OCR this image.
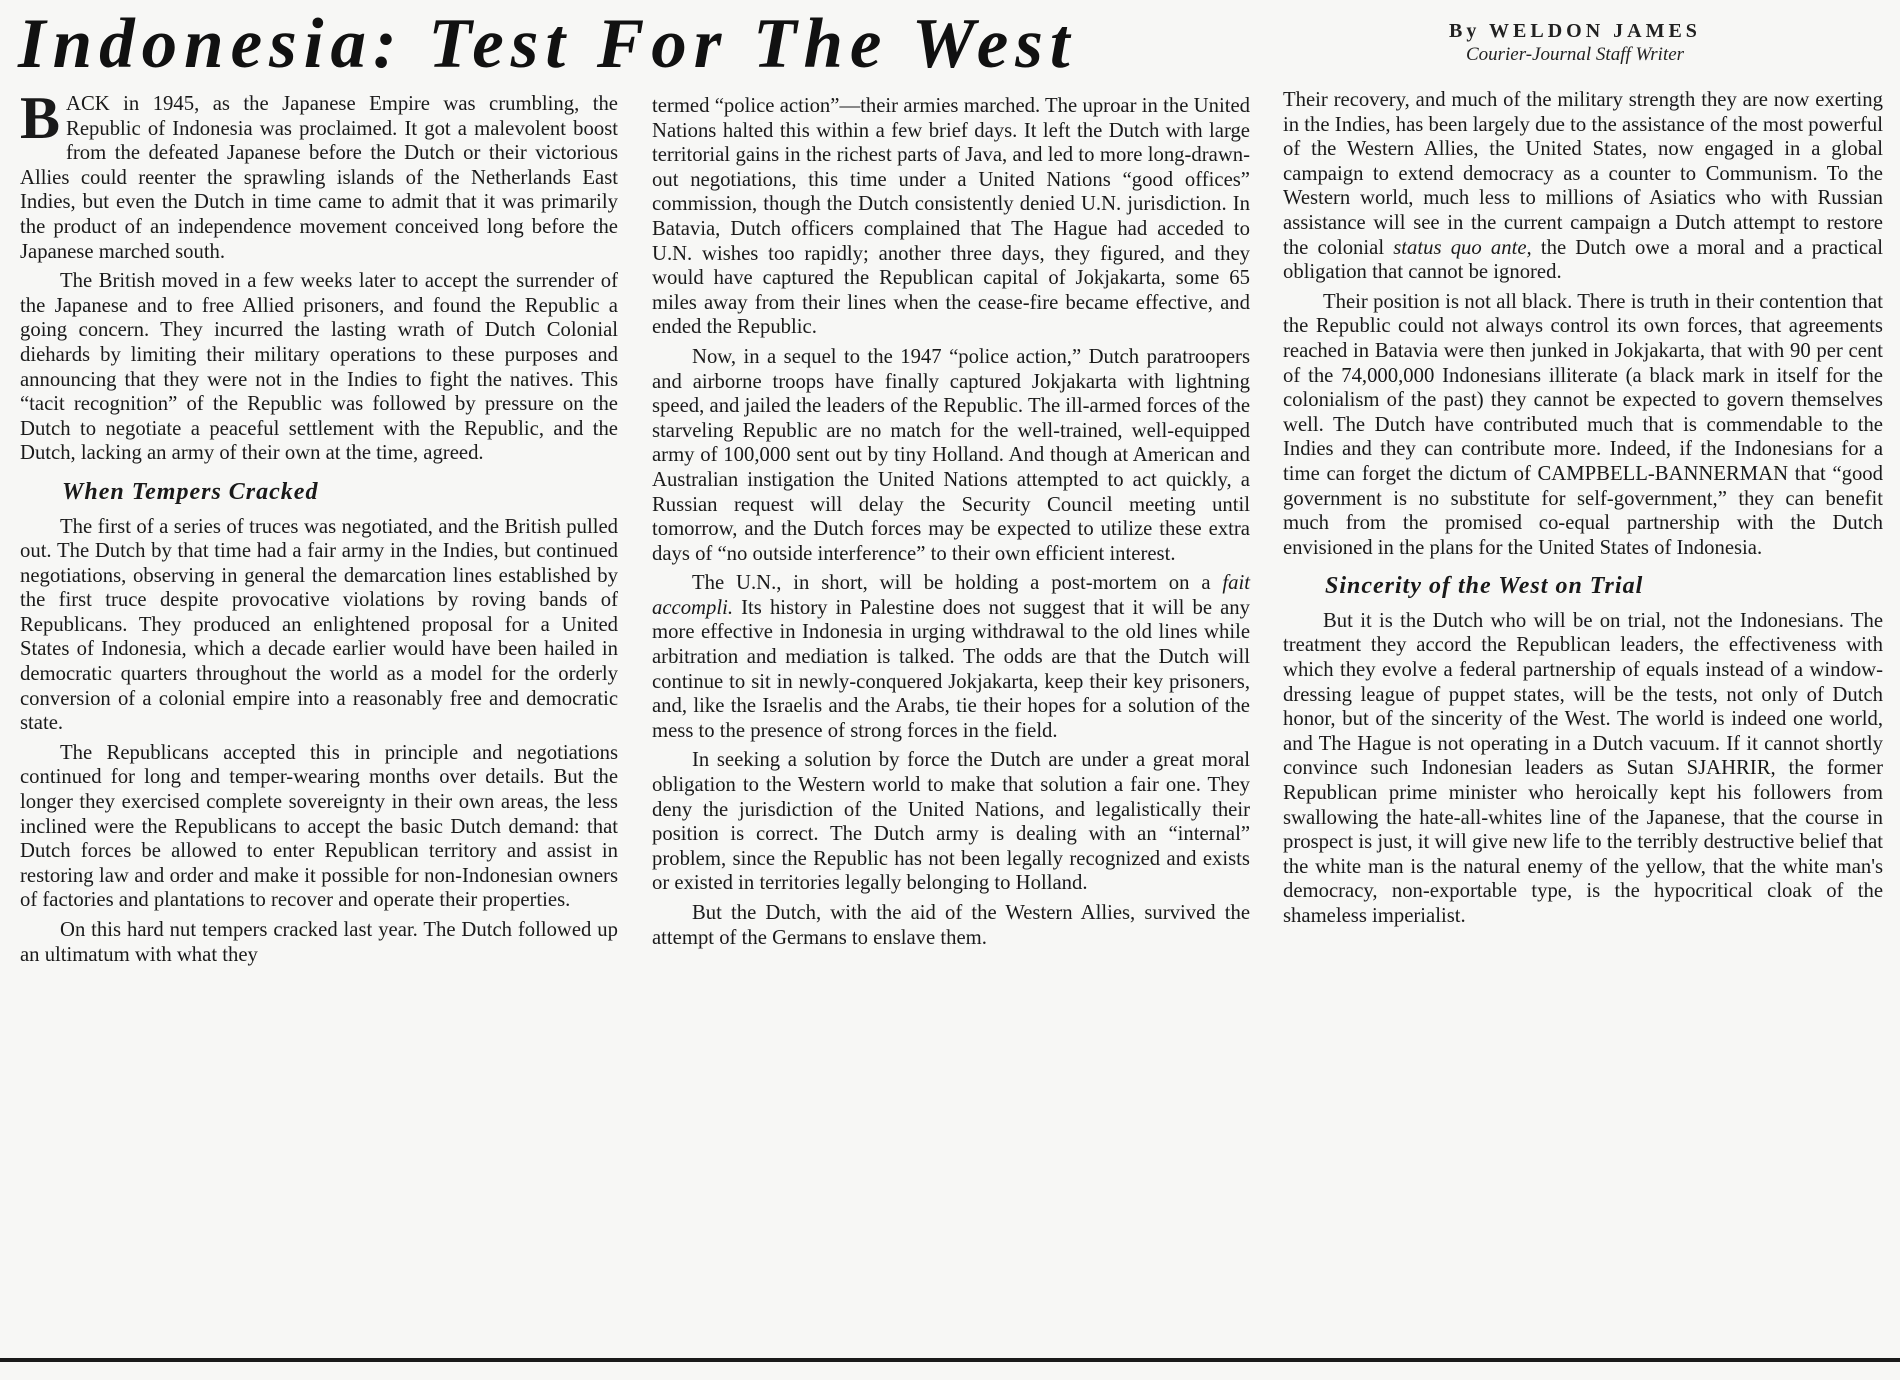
Indonesia: Test For The West	By WELDON JAMES
Courier-Journal Staff Writer

BACK in 1945, as the Japanese Empire was crumbling, the Republic of Indonesia was proclaimed. It got a malevolent boost from the defeated Japanese before the Dutch or their victorious Allies could reenter the sprawling islands of the Netherlands East Indies, but even the Dutch in time came to admit that it was primarily the product of an independence movement conceived long before the Japanese marched south.

The British moved in a few weeks later to accept the surrender of the Japanese and to free Allied prisoners, and found the Republic a going concern. They incurred the lasting wrath of Dutch Colonial diehards by limiting their military operations to these purposes and announcing that they were not in the Indies to fight the natives. This “tacit recognition” of the Republic was followed by pressure on the Dutch to negotiate a peaceful settlement with the Republic, and the Dutch, lacking an army of their own at the time, agreed.

When Tempers Cracked

The first of a series of truces was negotiated, and the British pulled out. The Dutch by that time had a fair army in the Indies, but continued negotiations, observing in general the demarcation lines established by the first truce despite provocative violations by roving bands of Republicans. They produced an enlightened proposal for a United States of Indonesia, which a decade earlier would have been hailed in democratic quarters throughout the world as a model for the orderly conversion of a colonial empire into a reasonably free and democratic state.

The Republicans accepted this in principle and negotiations continued for long and temper-wearing months over details. But the longer they exercised complete sovereignty in their own areas, the less inclined were the Republicans to accept the basic Dutch demand: that Dutch forces be allowed to enter Republican territory and assist in restoring law and order and make it possible for non-Indonesian owners of factories and plantations to recover and operate their properties.

On this hard nut tempers cracked last year. The Dutch followed up an ultimatum with what they

termed “police action”—their armies marched. The uproar in the United Nations halted this within a few brief days. It left the Dutch with large territorial gains in the richest parts of Java, and led to more long-drawn-out negotiations, this time under a United Nations “good offices” commission, though the Dutch consistently denied U.N. jurisdiction. In Batavia, Dutch officers complained that The Hague had acceded to U.N. wishes too rapidly; another three days, they figured, and they would have captured the Republican capital of Jokjakarta, some 65 miles away from their lines when the cease-fire became effective, and ended the Republic.

Now, in a sequel to the 1947 “police action,” Dutch paratroopers and airborne troops have finally captured Jokjakarta with lightning speed, and jailed the leaders of the Republic. The ill-armed forces of the starveling Republic are no match for the well-trained, well-equipped army of 100,000 sent out by tiny Holland. And though at American and Australian instigation the United Nations attempted to act quickly, a Russian request will delay the Security Council meeting until tomorrow, and the Dutch forces may be expected to utilize these extra days of “no outside interference” to their own efficient interest.

The U.N., in short, will be holding a post-mortem on a fait accompli. Its history in Palestine does not suggest that it will be any more effective in Indonesia in urging withdrawal to the old lines while arbitration and mediation is talked. The odds are that the Dutch will continue to sit in newly-conquered Jokjakarta, keep their key prisoners, and, like the Israelis and the Arabs, tie their hopes for a solution of the mess to the presence of strong forces in the field.

In seeking a solution by force the Dutch are under a great moral obligation to the Western world to make that solution a fair one. They deny the jurisdiction of the United Nations, and legalistically their position is correct. The Dutch army is dealing with an “internal” problem, since the Republic has not been legally recognized and exists or existed in territories legally belonging to Holland.

But the Dutch, with the aid of the Western Allies, survived the attempt of the Germans to enslave them.

Their recovery, and much of the military strength they are now exerting in the Indies, has been largely due to the assistance of the most powerful of the Western Allies, the United States, now engaged in a global campaign to extend democracy as a counter to Communism. To the Western world, much less to millions of Asiatics who with Russian assistance will see in the current campaign a Dutch attempt to restore the colonial status quo ante, the Dutch owe a moral and a practical obligation that cannot be ignored.

Their position is not all black. There is truth in their contention that the Republic could not always control its own forces, that agreements reached in Batavia were then junked in Jokjakarta, that with 90 per cent of the 74,000,000 Indonesians illiterate (a black mark in itself for the colonialism of the past) they cannot be expected to govern themselves well. The Dutch have contributed much that is commendable to the Indies and they can contribute more. Indeed, if the Indonesians for a time can forget the dictum of CAMPBELL-BANNERMAN that “good government is no substitute for self-government,” they can benefit much from the promised co-equal partnership with the Dutch envisioned in the plans for the United States of Indonesia.

Sincerity of the West on Trial

But it is the Dutch who will be on trial, not the Indonesians. The treatment they accord the Republican leaders, the effectiveness with which they evolve a federal partnership of equals instead of a window-dressing league of puppet states, will be the tests, not only of Dutch honor, but of the sincerity of the West. The world is indeed one world, and The Hague is not operating in a Dutch vacuum. If it cannot shortly convince such Indonesian leaders as Sutan SJAHRIR, the former Republican prime minister who heroically kept his followers from swallowing the hate-all-whites line of the Japanese, that the course in prospect is just, it will give new life to the terribly destructive belief that the white man is the natural enemy of the yellow, that the white man's democracy, non-exportable type, is the hypocritical cloak of the shameless imperialist.
